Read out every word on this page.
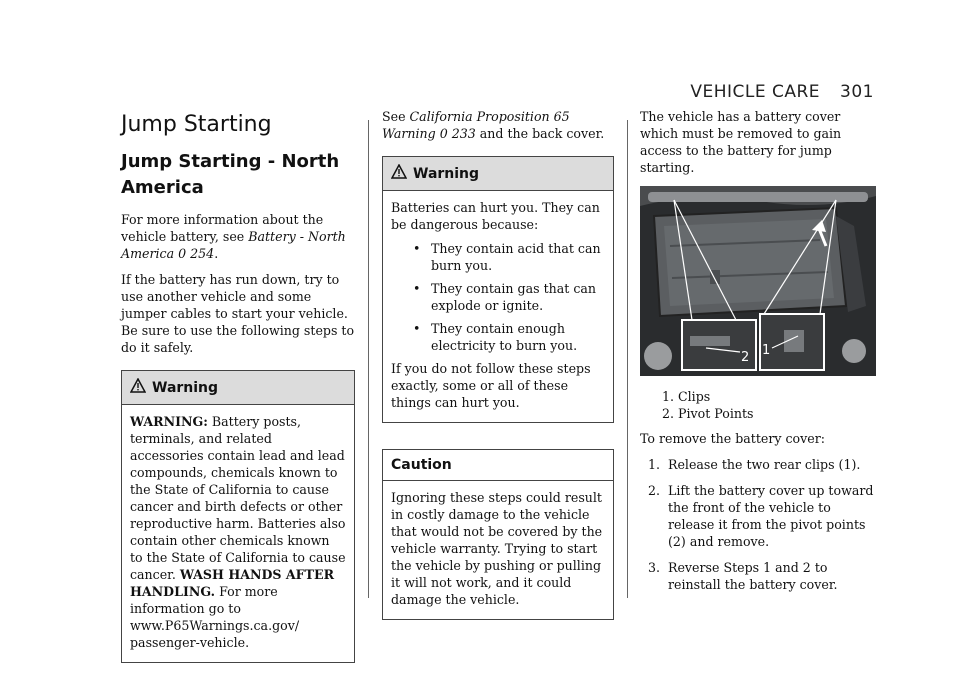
VEHICLE CARE 301
Jump Starting
Jump Starting - North America

For more information about the vehicle battery, see Battery - North America 0 254.

If the battery has run down, try to use another vehicle and some jumper cables to start your vehicle. Be sure to use the following steps to do it safely.

Warning

WARNING: Battery posts, terminals, and related accessories contain lead and lead compounds, chemicals known to the State of California to cause cancer and birth defects or other reproductive harm. Batteries also contain other chemicals known to the State of California to cause cancer. WASH HANDS AFTER HANDLING. For more information go to www.P65Warnings.ca.gov/ passenger-vehicle.

See California Proposition 65 Warning 0 233 and the back cover.

Warning

Batteries can hurt you. They can be dangerous because:

• They contain acid that can burn you.
• They contain gas that can explode or ignite.
• They contain enough electricity to burn you.

If you do not follow these steps exactly, some or all of these things can hurt you.

Caution

Ignoring these steps could result in costly damage to the vehicle that would not be covered by the vehicle warranty. Trying to start the vehicle by pushing or pulling it will not work, and it could damage the vehicle.

The vehicle has a battery cover which must be removed to gain access to the battery for jump starting.

2 1
1. Clips
2. Pivot Points

To remove the battery cover:

1. Release the two rear clips (1).
2. Lift the battery cover up toward the front of the vehicle to release it from the pivot points (2) and remove.
3. Reverse Steps 1 and 2 to reinstall the battery cover.
